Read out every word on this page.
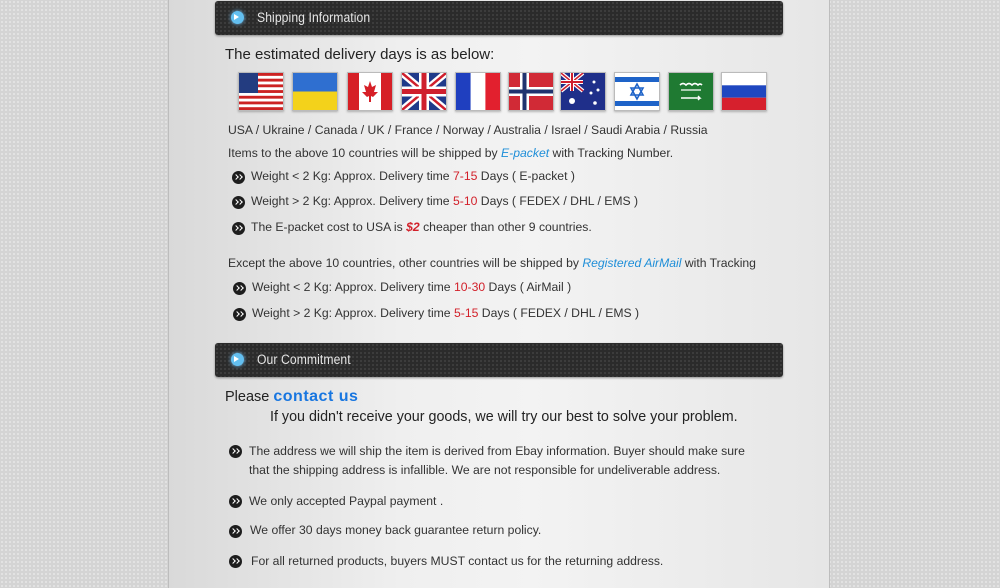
Shipping Information
The estimated delivery days is as below:
USA / Ukraine / Canada / UK / France / Norway / Australia / Israel / Saudi Arabia / Russia
Items to the above 10 countries will be shipped by E-packet with Tracking Number.
Weight < 2 Kg: Approx. Delivery time 7-15 Days ( E-packet )
Weight > 2 Kg: Approx. Delivery time 5-10 Days ( FEDEX / DHL / EMS )
The E-packet cost to USA is $2 cheaper than other 9 countries.
Except the above 10 countries, other countries will be shipped by Registered AirMail with Tracking
Weight < 2 Kg: Approx. Delivery time 10-30 Days ( AirMail )
Weight > 2 Kg: Approx. Delivery time 5-15 Days ( FEDEX / DHL / EMS )
Our Commitment
Please contact us
If you didn't receive your goods, we will try our best to solve your problem.
The address we will ship the item is derived from Ebay information. Buyer should make sure
that the shipping address is infallible. We are not responsible for undeliverable address.
We only accepted Paypal payment .
We offer 30 days money back guarantee return policy.
For all returned products, buyers MUST contact us for the returning address.
